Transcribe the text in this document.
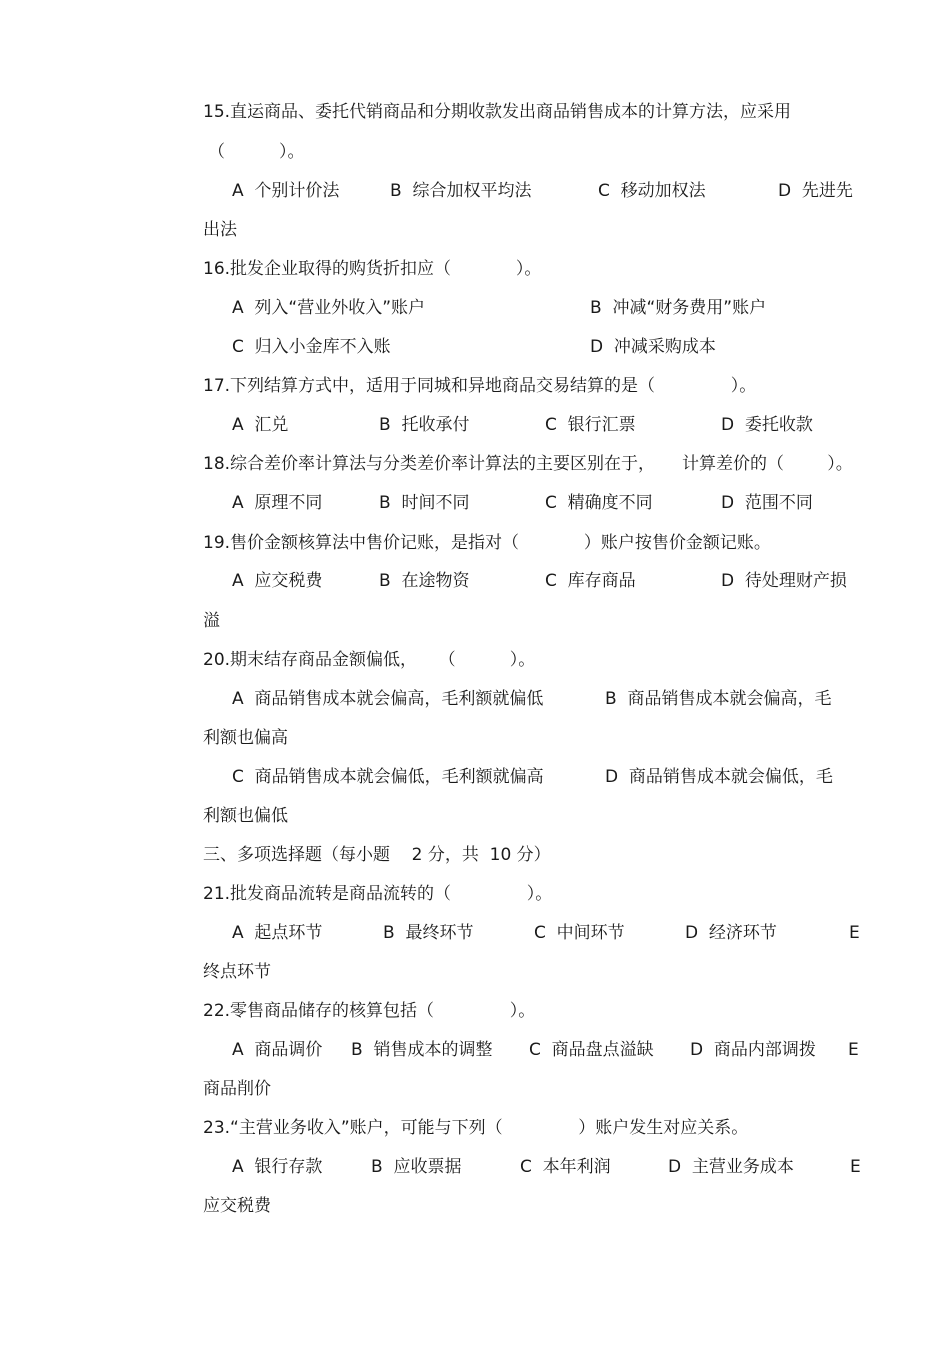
15.直运商品、委托代销商品和分期收款发出商品销售成本的计算方法，应采用
（          ）。
A  个别计价法	B  综合加权平均法	C  移动加权法	D  先进先
出法
16.批发企业取得的购货折扣应（            ）。
A  列入“营业外收入”账户	B  冲减“财务费用”账户
C  归入小金库不入账	D  冲减采购成本
17.下列结算方式中，适用于同城和异地商品交易结算的是（              ）。
A  汇兑	B  托收承付	C  银行汇票	D  委托收款
18.综合差价率计算法与分类差价率计算法的主要区别在于，     计算差价的（        ）。
A  原理不同	B  时间不同	C  精确度不同	D  范围不同
19.售价金额核算法中售价记账，是指对（            ）账户按售价金额记账。
A  应交税费	B  在途物资	C  库存商品	D  待处理财产损
溢
20.期末结存商品金额偏低，    （          ）。
A  商品销售成本就会偏高，毛利额就偏低	B  商品销售成本就会偏高，毛
利额也偏高
C  商品销售成本就会偏低，毛利额就偏高	D  商品销售成本就会偏低，毛
利额也偏低
三、多项选择题（每小题    2 分，共  10 分）
21.批发商品流转是商品流转的（              ）。
A  起点环节	B  最终环节	C  中间环节	D  经济环节	E
终点环节
22.零售商品储存的核算包括（              ）。
A  商品调价 B  销售成本的调整 C  商品盘点溢缺 D  商品内部调拨 E
商品削价
23.“主营业务收入”账户，可能与下列（              ）账户发生对应关系。
A  银行存款	B  应收票据	C  本年利润	D  主营业务成本	E
应交税费
